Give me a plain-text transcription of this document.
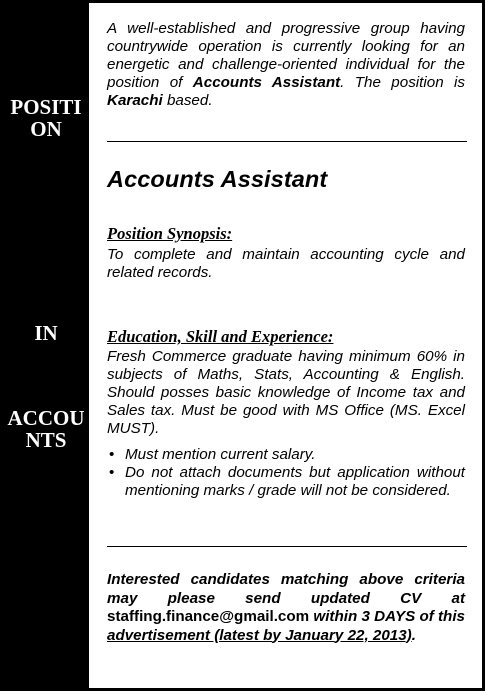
POSITION
IN
ACCOUNTS
A well-established and progressive group having countrywide operation is currently looking for an energetic and challenge-oriented individual for the position of Accounts Assistant. The position is Karachi based.
Accounts Assistant
Position Synopsis:
To complete and maintain accounting cycle and related records.
Education, Skill and Experience:
Fresh Commerce graduate having minimum 60% in subjects of Maths, Stats, Accounting & English. Should posses basic knowledge of Income tax and Sales tax. Must be good with MS Office (MS. Excel MUST).
• Must mention current salary.
• Do not attach documents but application without mentioning marks / grade will not be considered.
Interested candidates matching above criteria may please send updated CV at staffing.finance@gmail.com within 3 DAYS of this advertisement (latest by January 22, 2013).
